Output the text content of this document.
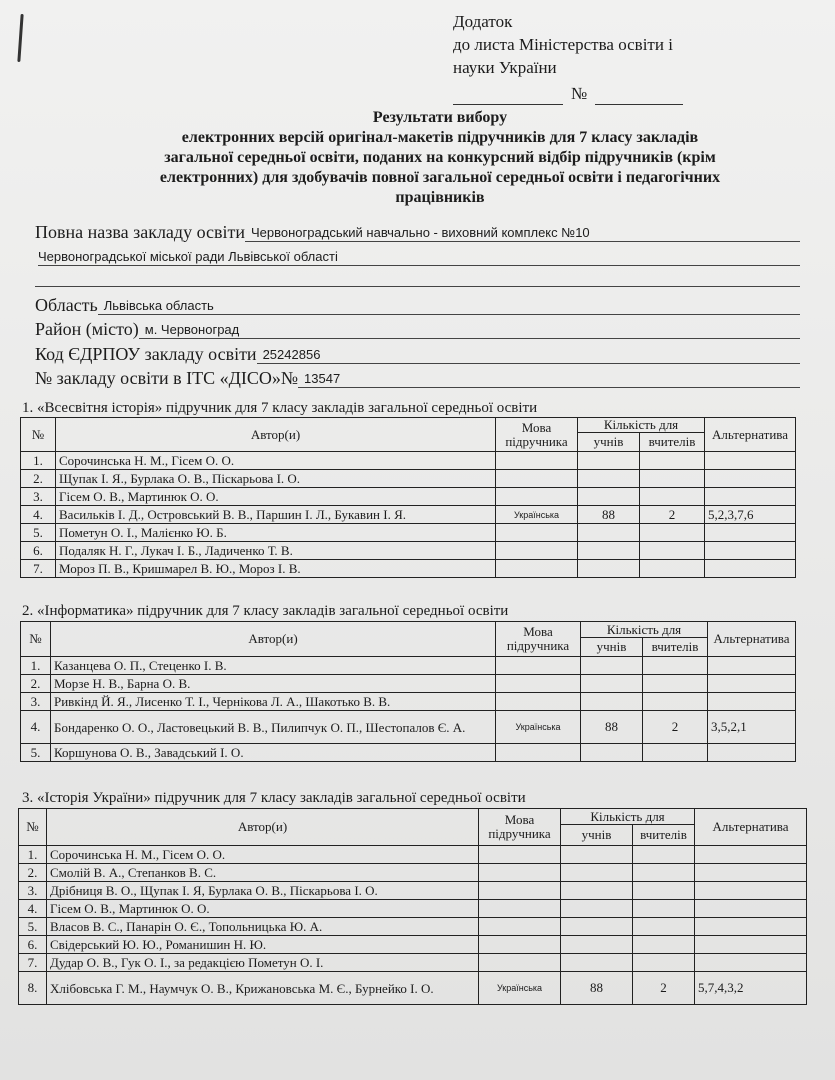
Додаток
до листа Міністерства освіти і
науки України
№
Результати вибору
електронних версій оригінал-макетів підручників для 7 класу закладів
загальної середньої освіти, поданих на конкурсний відбір підручників (крім
електронних) для здобувачів повної загальної середньої освіти і педагогічних
працівників
Повна назва закладу освіти Червоноградський навчально - виховний комплекс №10
Червоноградської міської ради Львівської області
Область Львівська область
Район (місто) м. Червоноград
Код ЄДРПОУ закладу освіти 25242856
№ закладу освіти в ІТС «ДІСО»№ 13547
1. «Всесвітня історія» підручник для 7 класу закладів загальної середньої освіти
№	Автор(и)	Мова підручника	Кількість для		Альтернатива
			учнів	вчителів	
1.	Сорочинська Н. М., Гісем О. О.				
2.	Щупак І. Я., Бурлака О. В., Піскарьова І. О.				
3.	Гісем О. В., Мартинюк О. О.				
4.	Васильків І. Д., Островський В. В., Паршин І. Л., Букавин І. Я.	Українська	88	2	5,2,3,7,6
5.	Пометун О. І., Малієнко Ю. Б.				
6.	Подаляк Н. Г., Лукач І. Б., Ладиченко Т. В.				
7.	Мороз П. В., Кришмарел В. Ю., Мороз І. В.				
2. «Інформатика» підручник для 7 класу закладів загальної середньої освіти
№	Автор(и)	Мова підручника	Кількість для		Альтернатива
			учнів	вчителів	
1.	Казанцева О. П., Стеценко І. В.				
2.	Морзе Н. В., Барна О. В.				
3.	Ривкінд Й. Я., Лисенко Т. І., Чернікова Л. А., Шакотько В. В.				
4.	Бондаренко О. О., Ластовецький В. В., Пилипчук О. П., Шестопалов Є. А.	Українська	88	2	3,5,2,1
5.	Коршунова О. В., Завадський І. О.				
3. «Історія України» підручник для 7 класу закладів загальної середньої освіти
№	Автор(и)	Мова підручника	Кількість для		Альтернатива
			учнів	вчителів	
1.	Сорочинська Н. М., Гісем О. О.				
2.	Смолій В. А., Степанков В. С.				
3.	Дрібниця В. О., Щупак І. Я, Бурлака О. В., Піскарьова І. О.				
4.	Гісем О. В., Мартинюк О. О.				
5.	Власов В. С., Панарін О. Є., Топольницька Ю. А.				
6.	Свідерський Ю. Ю., Романишин Н. Ю.				
7.	Дудар О. В., Гук О. І., за редакцією Пометун О. І.				
8.	Хлібовська Г. М., Наумчук О. В., Крижановська М. Є., Бурнейко І. О.	Українська	88	2	5,7,4,3,2
